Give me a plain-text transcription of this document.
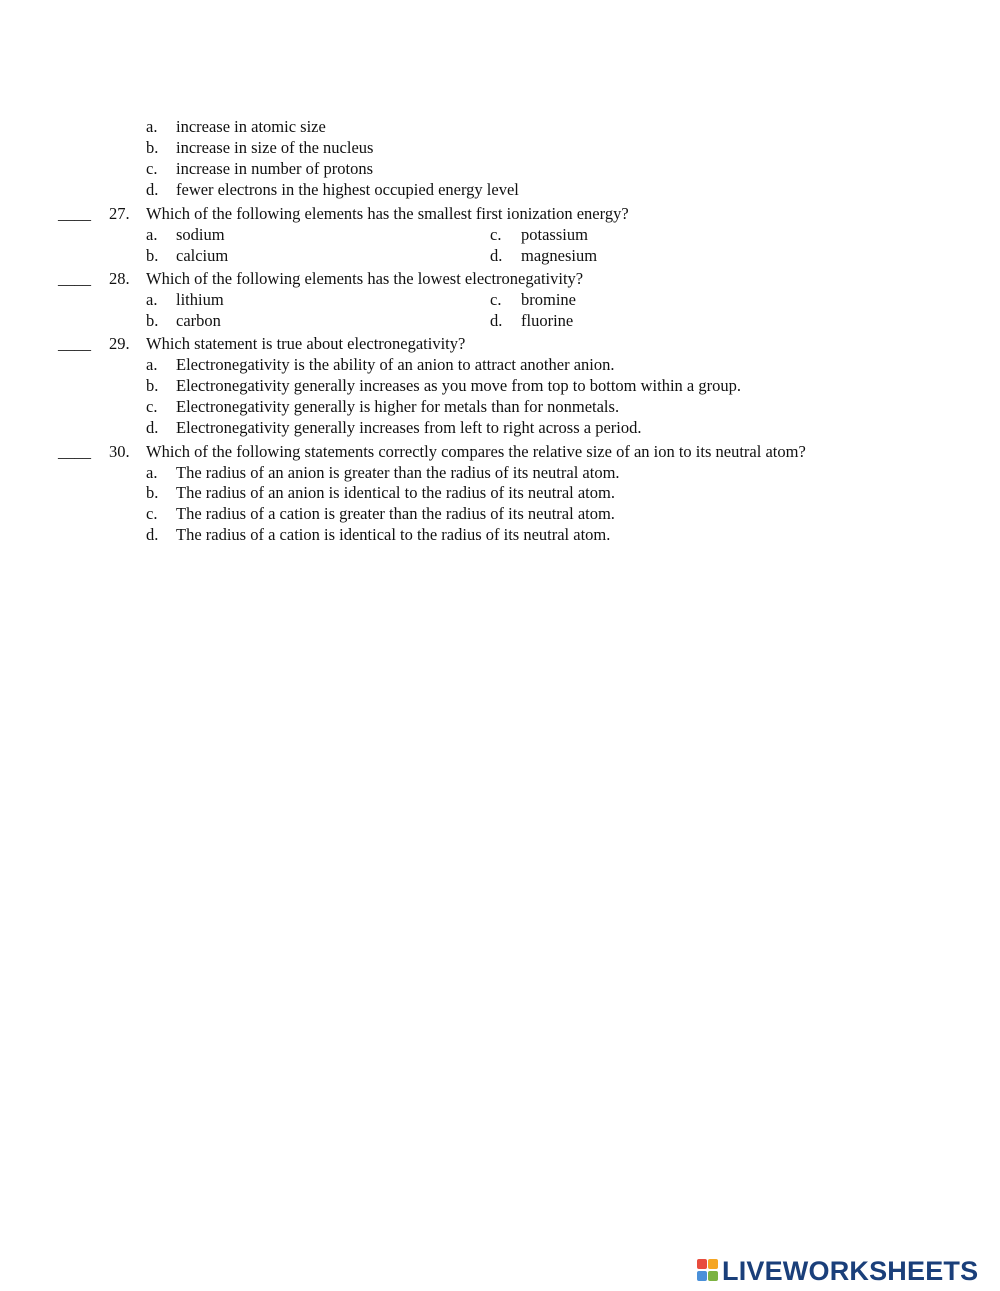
a. increase in atomic size
b. increase in size of the nucleus
c. increase in number of protons
d. fewer electrons in the highest occupied energy level
____ 27. Which of the following elements has the smallest first ionization energy?
a. sodium	c. potassium
b. calcium	d. magnesium
____ 28. Which of the following elements has the lowest electronegativity?
a. lithium	c. bromine
b. carbon	d. fluorine
____ 29. Which statement is true about electronegativity?
a. Electronegativity is the ability of an anion to attract another anion.
b. Electronegativity generally increases as you move from top to bottom within a group.
c. Electronegativity generally is higher for metals than for nonmetals.
d. Electronegativity generally increases from left to right across a period.
____ 30. Which of the following statements correctly compares the relative size of an ion to its neutral atom?
a. The radius of an anion is greater than the radius of its neutral atom.
b. The radius of an anion is identical to the radius of its neutral atom.
c. The radius of a cation is greater than the radius of its neutral atom.
d. The radius of a cation is identical to the radius of its neutral atom.
LIVEWORKSHEETS
